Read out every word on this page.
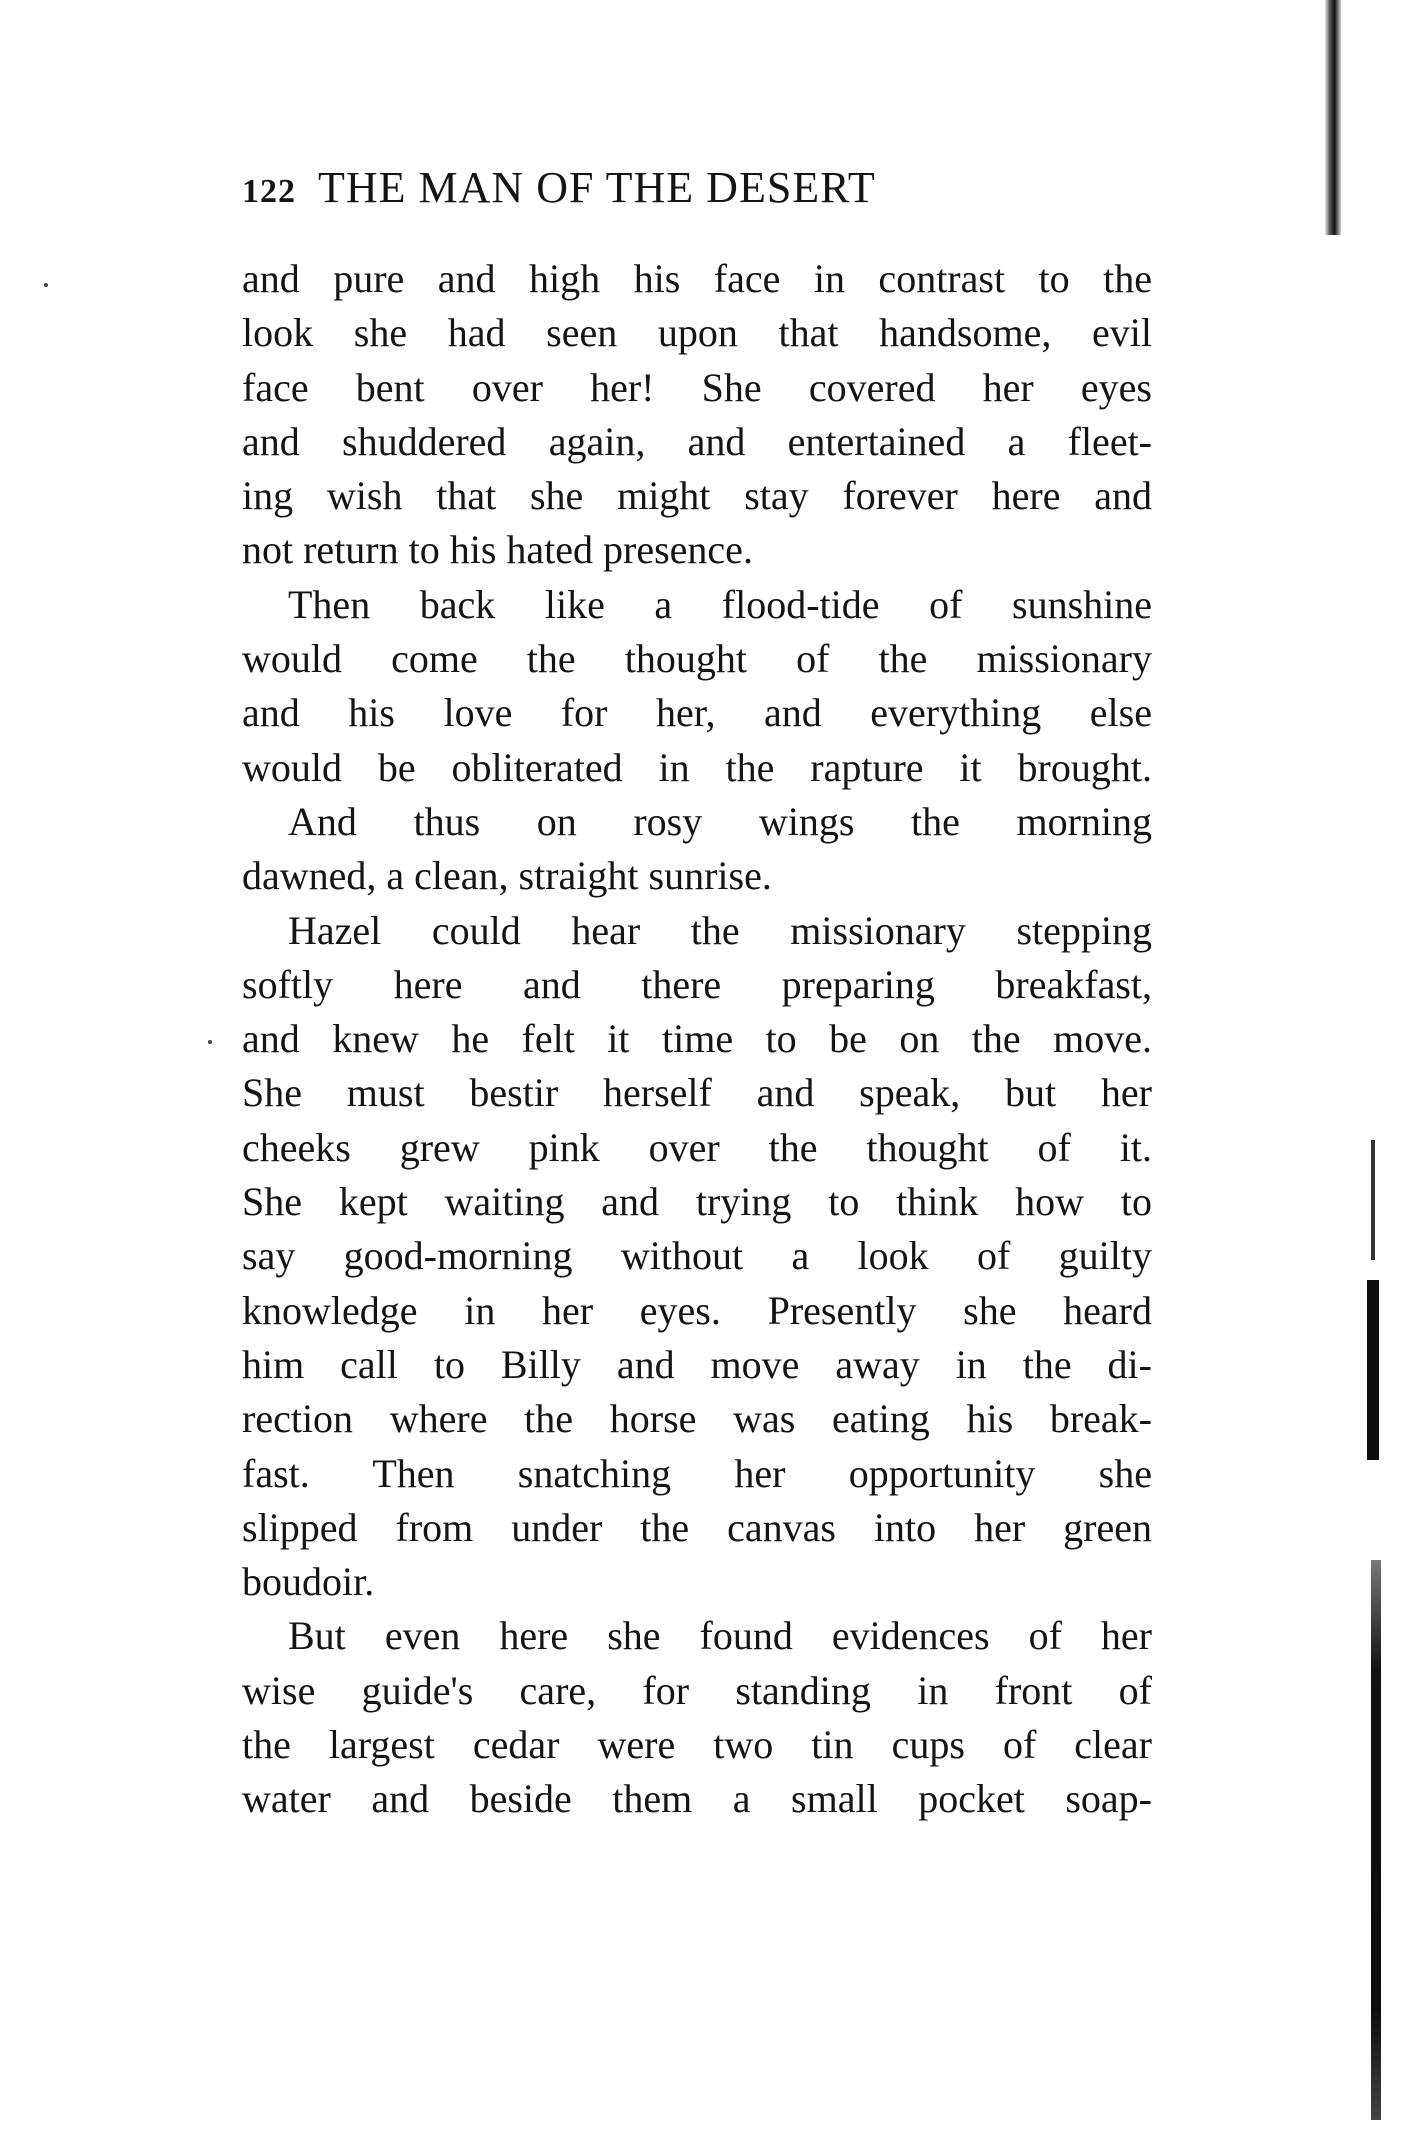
122 THE MAN OF THE DESERT
and pure and high his face in contrast to the
look she had seen upon that handsome, evil
face bent over her! She covered her eyes
and shuddered again, and entertained a fleet-
ing wish that she might stay forever here and
not return to his hated presence.
Then back like a flood-tide of sunshine
would come the thought of the missionary
and his love for her, and everything else
would be obliterated in the rapture it brought.
And thus on rosy wings the morning
dawned, a clean, straight sunrise.
Hazel could hear the missionary stepping
softly here and there preparing breakfast,
and knew he felt it time to be on the move.
She must bestir herself and speak, but her
cheeks grew pink over the thought of it.
She kept waiting and trying to think how to
say good-morning without a look of guilty
knowledge in her eyes. Presently she heard
him call to Billy and move away in the di-
rection where the horse was eating his break-
fast. Then snatching her opportunity she
slipped from under the canvas into her green
boudoir.
But even here she found evidences of her
wise guide's care, for standing in front of
the largest cedar were two tin cups of clear
water and beside them a small pocket soap-
